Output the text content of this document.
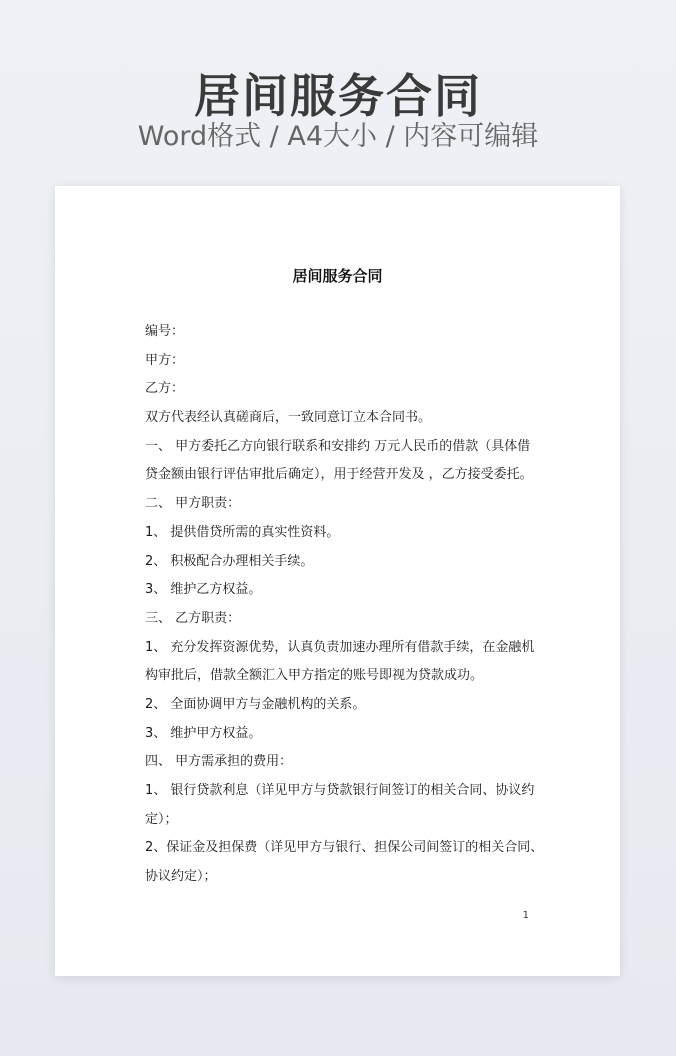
居间服务合同
Word格式 / A4大小 / 内容可编辑
居间服务合同
编号：
甲方：
乙方：
双方代表经认真磋商后，一致同意订立本合同书。
一、 甲方委托乙方向银行联系和安排约 万元人民币的借款（具体借
贷金额由银行评估审批后确定），用于经营开发及 ，乙方接受委托。
二、 甲方职责：
1、 提供借贷所需的真实性资料。
2、 积极配合办理相关手续。
3、 维护乙方权益。
三、 乙方职责：
1、 充分发挥资源优势，认真负责加速办理所有借款手续，在金融机
构审批后，借款全额汇入甲方指定的账号即视为贷款成功。
2、 全面协调甲方与金融机构的关系。
3、 维护甲方权益。
四、 甲方需承担的费用：
1、 银行贷款利息（详见甲方与贷款银行间签订的相关合同、协议约
定）；
2、保证金及担保费（详见甲方与银行、担保公司间签订的相关合同、
协议约定）；
1
